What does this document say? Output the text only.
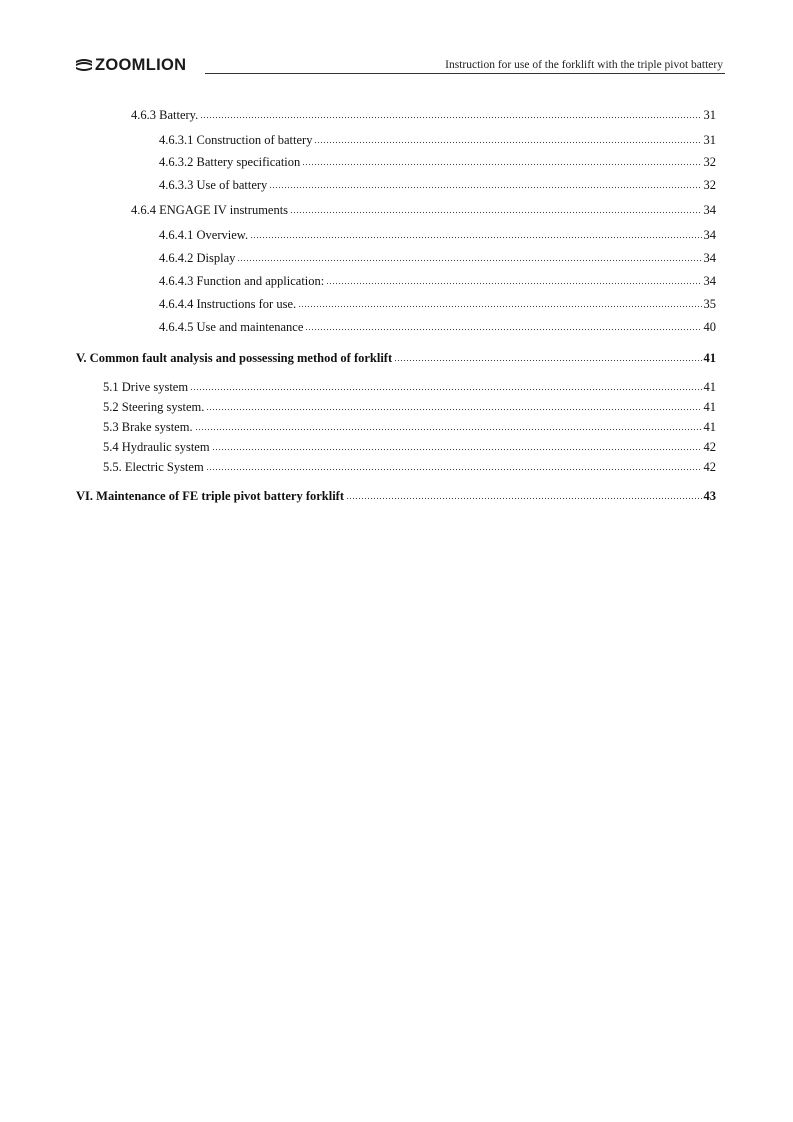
ZOOMLION	Instruction for use of the forklift with the triple pivot battery
4.6.3 Battery.	31
4.6.3.1 Construction of battery	31
4.6.3.2 Battery specification	32
4.6.3.3 Use of battery	32
4.6.4 ENGAGE IV instruments	34
4.6.4.1 Overview.	34
4.6.4.2 Display	34
4.6.4.3 Function and application:	34
4.6.4.4 Instructions for use.	35
4.6.4.5 Use and maintenance	40
V. Common fault analysis and possessing method of forklift	41
5.1 Drive system	41
5.2 Steering system.	41
5.3 Brake system.	41
5.4 Hydraulic system	42
5.5. Electric System	42
VI. Maintenance of FE triple pivot battery forklift	43
